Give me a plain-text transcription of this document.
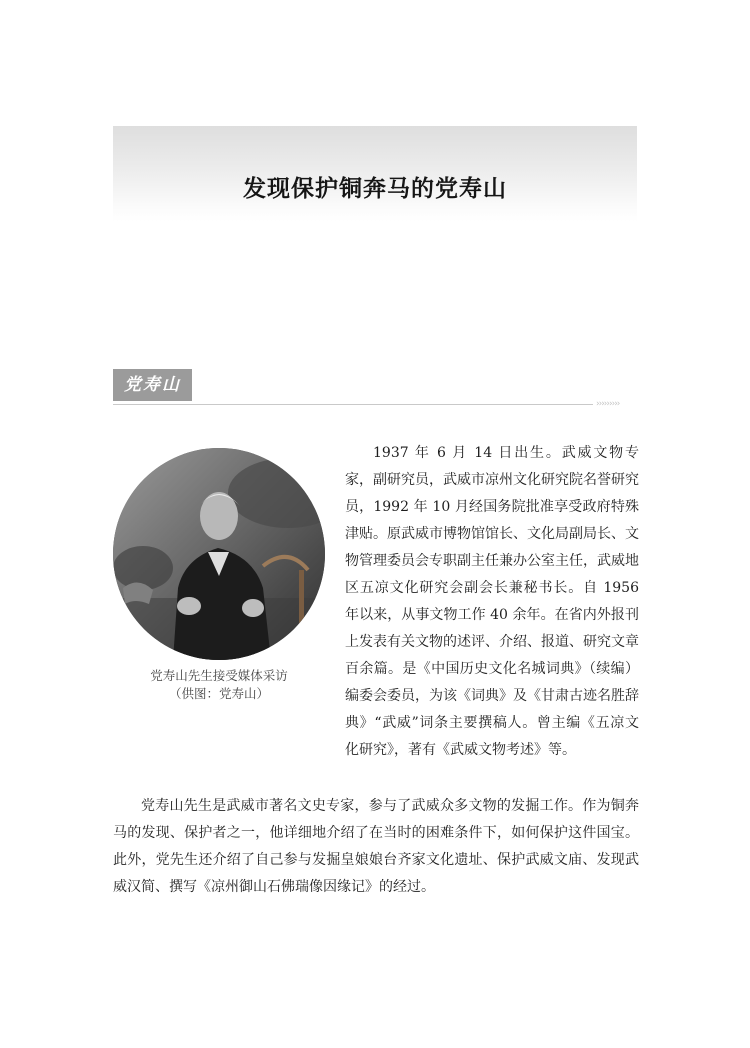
发现保护铜奔马的党寿山
党寿山
›››››››››
党寿山先生接受媒体采访
（供图：党寿山）

1937 年 6 月 14 日出生。武威文物专家，副研究员，武威市凉州文化研究院名誉研究员，1992 年 10 月经国务院批准享受政府特殊津贴。原武威市博物馆馆长、文化局副局长、文物管理委员会专职副主任兼办公室主任，武威地区五凉文化研究会副会长兼秘书长。自 1956 年以来，从事文物工作 40 余年。在省内外报刊上发表有关文物的述评、介绍、报道、研究文章百余篇。是《中国历史文化名城词典》（续编）编委会委员，为该《词典》及《甘肃古迹名胜辞典》“武威”词条主要撰稿人。曾主编《五凉文化研究》，著有《武威文物考述》等。

党寿山先生是武威市著名文史专家，参与了武威众多文物的发掘工作。作为铜奔马的发现、保护者之一，他详细地介绍了在当时的困难条件下，如何保护这件国宝。此外，党先生还介绍了自己参与发掘皇娘娘台齐家文化遗址、保护武威文庙、发现武威汉简、撰写《凉州御山石佛瑞像因缘记》的经过。
